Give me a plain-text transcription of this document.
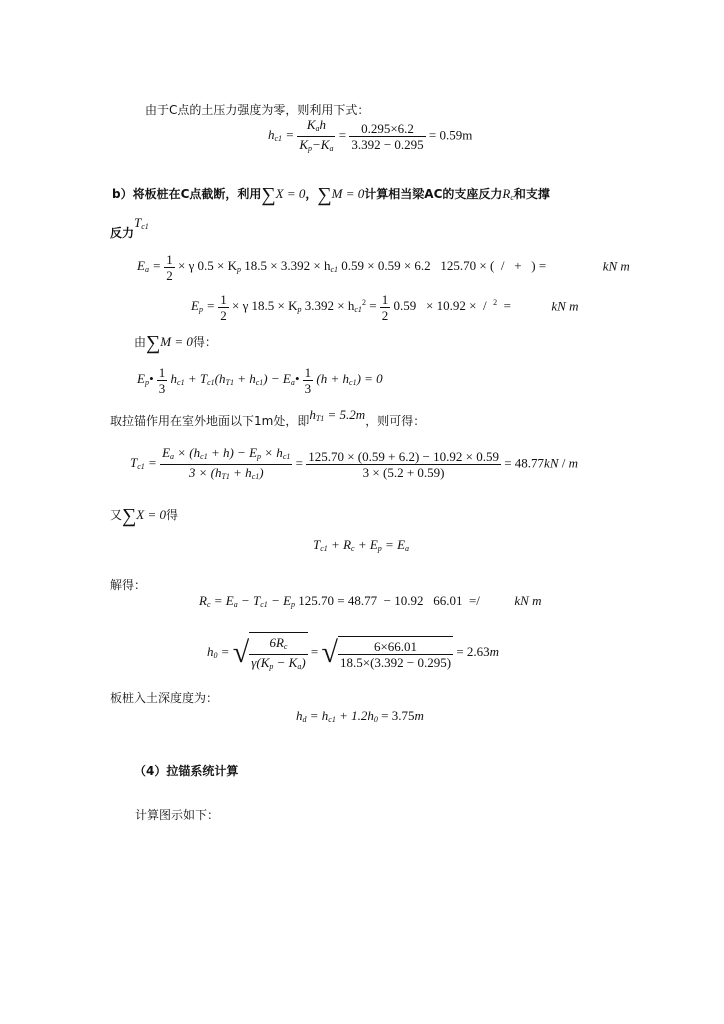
由于C点的土压力强度为零，则利用下式：
$h_{c1} = \frac{K_ah}{K_p-K_a} = \frac{0.295\times 6.2}{3.392 - 0.295} = 0.59m$
b）将板桩在C点截断，利用∑X = 0，∑M = 0计算相当梁AC的支座反力$R_c$和支撑
反力$T_{c1}$
$E_a = \frac{1}{2} \times \gamma$ $0.5 \times K_p$ $18.5 \times 3.392 \times h_{c1}$ 0.59 × 0.59 × 6.2   125.70 × (  /   +   ) =	kN m
$E_p = \frac{1}{2} \times \gamma$ $18.5 \times K_p$ $3.392 \times h_{c1}^2 = \frac{1}{2} 0.59 \times 10.92$ ×  /  $^2$ =	kN m
由∑M = 0得：
$E_p• \frac{1}{3} h_{c1} + T_{c1}(h_{T1} + h_{c1})$ − $E_a• \frac{1}{3} (h + h_{c1}) = 0$
取拉锚作用在室外地面以下1m处，即$h_{T1} = 5.2m$，则可得：
$T_{c1} = \frac{E_a \times (h_{c1} + h) - E_p \times h_{c1}}{3 \times (h_{T1} + h_{c1})} = \frac{125.70 \times (0.59 + 6.2) - 10.92 \times 0.59}{3 \times (5.2 + 0.59)} = 48.77kN / m$
又∑X = 0得
$T_{c1} + R_c + E_p = E_a$
解得：
$R_c = E_a - T_{c1} - E_p$ 125.70 = 48.77  − 10.92   66.01  =/	kN m
$h_0$ = √ $\frac{6R_c}{\gamma(K_p - K_a)}$ = √ $\frac{6\times 66.01}{18.5\times(3.392 - 0.295)} = 2.63m$
板桩入土深度度为：
$h_d = h_{c1} + 1.2h_0 = 3.75m$
（4）拉锚系统计算
计算图示如下：
